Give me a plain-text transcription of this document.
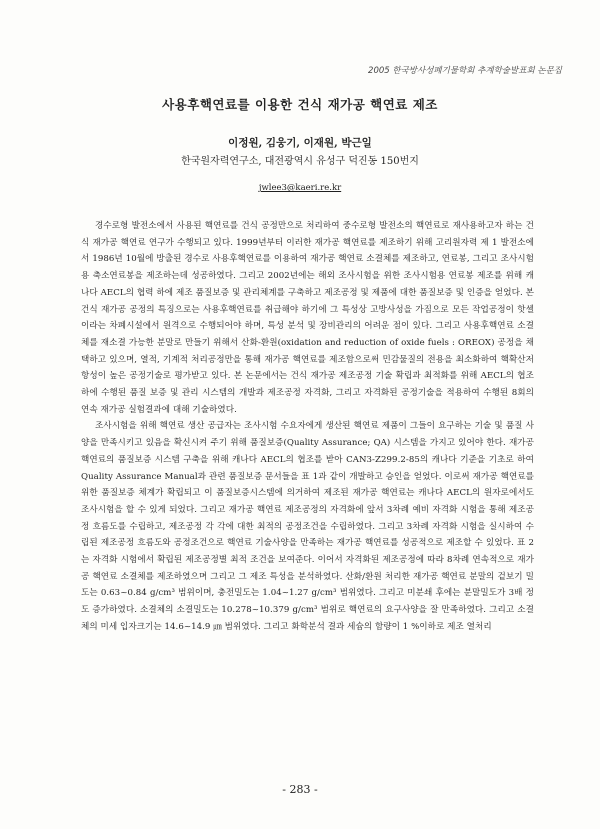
2005 한국방사성폐기물학회 추계학술발표회 논문집

사용후핵연료를 이용한 건식 재가공 핵연료 제조

이정원, 김웅기, 이재원, 박근일

한국원자력연구소, 대전광역시 유성구 덕진동 150번지

jwlee3@kaeri.re.kr

경수로형 발전소에서 사용된 핵연료를 건식 공정만으로 처리하여 중수로형 발전소의 핵연료로 재사용하고자 하는 건식 재가공 핵연료 연구가 수행되고 있다. 1999년부터 이러한 재가공 핵연료를 제조하기 위해 고리원자력 제 1 발전소에서 1986년 10월에 방출된 경수로 사용후핵연료를 이용하여 재가공 핵연료 소결체를 제조하고, 연료봉, 그리고 조사시험용 축소연료봉을 제조하는데 성공하였다. 그리고 2002년에는 해외 조사시험을 위한 조사시험용 연료봉 제조를 위해 캐나다 AECL의 협력 하에 제조 품질보증 및 관리체계를 구축하고 제조공정 및 제품에 대한 품질보증 및 인증을 얻었다. 본 건식 재가공 공정의 특징으로는 사용후핵연료를 취급해야 하기에 그 특성상 고방사성을 가짐으로 모든 작업공정이 핫셀이라는 차폐시설에서 원격으로 수행되어야 하며, 특성 분석 및 장비관리의 어려운 점이 있다. 그리고 사용후핵연료 소결체를 재소결 가능한 분말로 만들기 위해서 산화-환원(oxidation and reduction of oxide fuels : OREOX) 공정을 채택하고 있으며, 열적, 기계적 처리공정만을 통해 재가공 핵연료를 제조함으로써 민감물질의 전용을 최소화하여 핵확산저항성이 높은 공정기술로 평가받고 있다. 본 논문에서는 건식 재가공 제조공정 기술 확립과 최적화를 위해 AECL의 협조 하에 수행된 품질 보증 및 관리 시스템의 개발과 제조공정 자격화, 그리고 자격화된 공정기술을 적용하여 수행된 8회의 연속 재가공 실험결과에 대해 기술하였다.

조사시험을 위해 핵연료 생산 공급자는 조사시험 수요자에게 생산된 핵연료 제품이 그들이 요구하는 기술 및 품질 사양을 만족시키고 있음을 확신시켜 주기 위해 품질보증(Quality Assurance; QA) 시스템을 가지고 있어야 한다. 재가공 핵연료의 품질보증 시스템 구축을 위해 캐나다 AECL의 협조를 받아 CAN3-Z299.2-85의 캐나다 기준을 기초로 하여 Quality Assurance Manual과 관련 품질보증 문서들을 표 1과 같이 개발하고 승인을 얻었다. 이로써 재가공 핵연료를 위한 품질보증 체계가 확립되고 이 품질보증시스템에 의거하여 제조된 재가공 핵연료는 캐나다 AECL의 원자로에서도 조사시험을 할 수 있게 되었다. 그리고 재가공 핵연료 제조공정의 자격화에 앞서 3차례 예비 자격화 시험을 통해 제조공정 흐름도를 수립하고, 제조공정 각 각에 대한 최적의 공정조건을 수립하였다. 그리고 3차례 자격화 시험을 실시하여 수립된 제조공정 흐름도와 공정조건으로 핵연료 기술사양을 만족하는 재가공 핵연료를 성공적으로 제조할 수 있었다. 표 2는 자격화 시험에서 확립된 제조공정별 최적 조건을 보여준다. 이어서 자격화된 제조공정에 따라 8차례 연속적으로 재가공 핵연료 소결체를 제조하였으며 그리고 그 제조 특성을 분석하였다. 산화/환원 처리한 재가공 핵연료 분말의 겉보기 밀도는 0.63~0.84 g/cm³ 범위이며, 충전밀도는 1.04~1.27 g/cm³ 범위였다. 그리고 미분쇄 후에는 분말밀도가 3배 정도 증가하였다. 소결체의 소결밀도는 10.278~10.379 g/cm³ 범위로 핵연료의 요구사양을 잘 만족하였다. 그리고 소결체의 미세 입자크기는 14.6~14.9 ㎛ 범위였다. 그리고 화학분석 결과 세슘의 함량이 1 %이하로 제조 열처리

- 283 -
